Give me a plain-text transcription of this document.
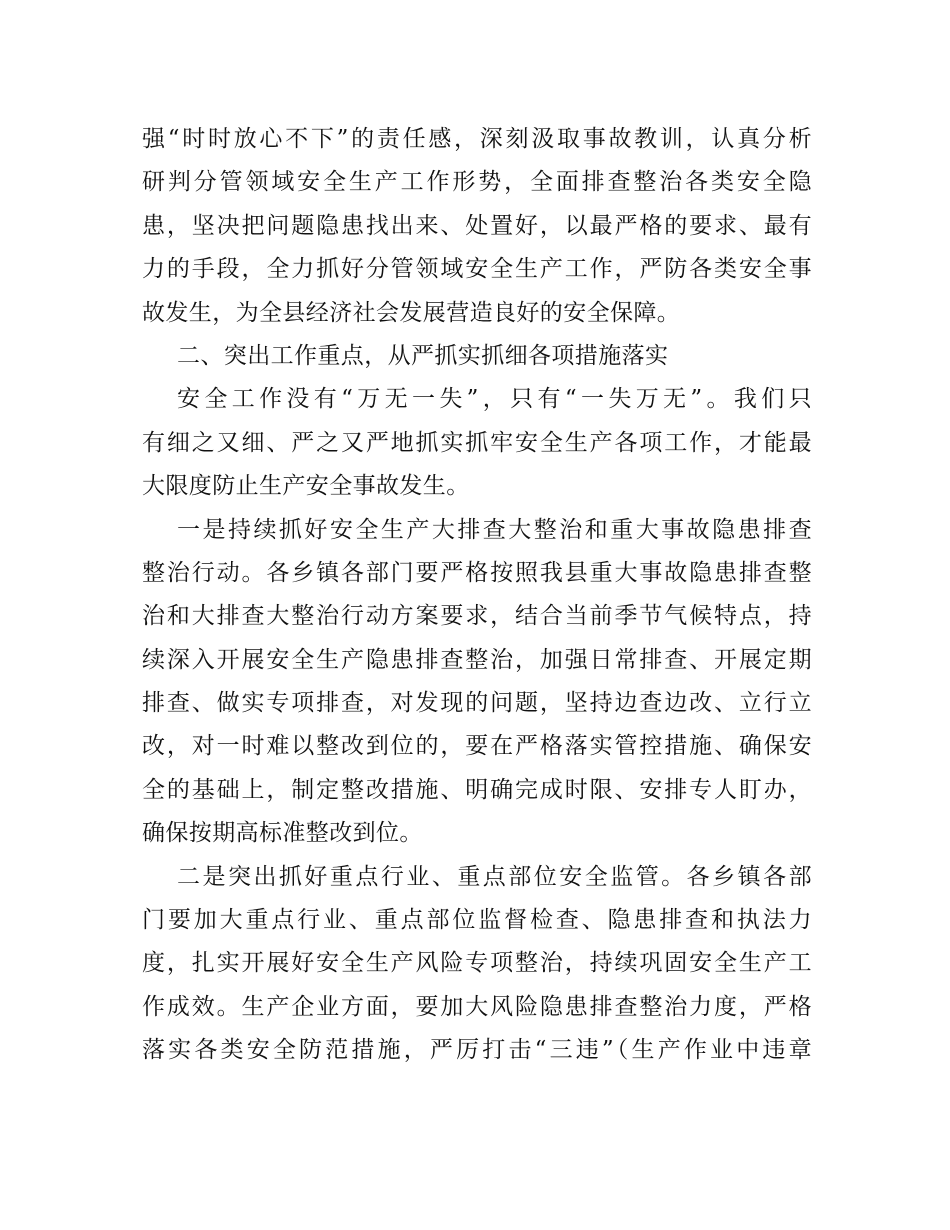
强“时时放心不下”的责任感，深刻汲取事故教训，认真分析
研判分管领域安全生产工作形势，全面排查整治各类安全隐
患，坚决把问题隐患找出来、处置好，以最严格的要求、最有
力的手段，全力抓好分管领域安全生产工作，严防各类安全事
故发生，为全县经济社会发展营造良好的安全保障。
二、突出工作重点，从严抓实抓细各项措施落实
安全工作没有“万无一失”，只有“一失万无”。我们只
有细之又细、严之又严地抓实抓牢安全生产各项工作，才能最
大限度防止生产安全事故发生。
一是持续抓好安全生产大排查大整治和重大事故隐患排查
整治行动。各乡镇各部门要严格按照我县重大事故隐患排查整
治和大排查大整治行动方案要求，结合当前季节气候特点，持
续深入开展安全生产隐患排查整治，加强日常排查、开展定期
排查、做实专项排查，对发现的问题，坚持边查边改、立行立
改，对一时难以整改到位的，要在严格落实管控措施、确保安
全的基础上，制定整改措施、明确完成时限、安排专人盯办，
确保按期高标准整改到位。
二是突出抓好重点行业、重点部位安全监管。各乡镇各部
门要加大重点行业、重点部位监督检查、隐患排查和执法力
度，扎实开展好安全生产风险专项整治，持续巩固安全生产工
作成效。生产企业方面，要加大风险隐患排查整治力度，严格
落实各类安全防范措施，严厉打击“三违”（生产作业中违章
